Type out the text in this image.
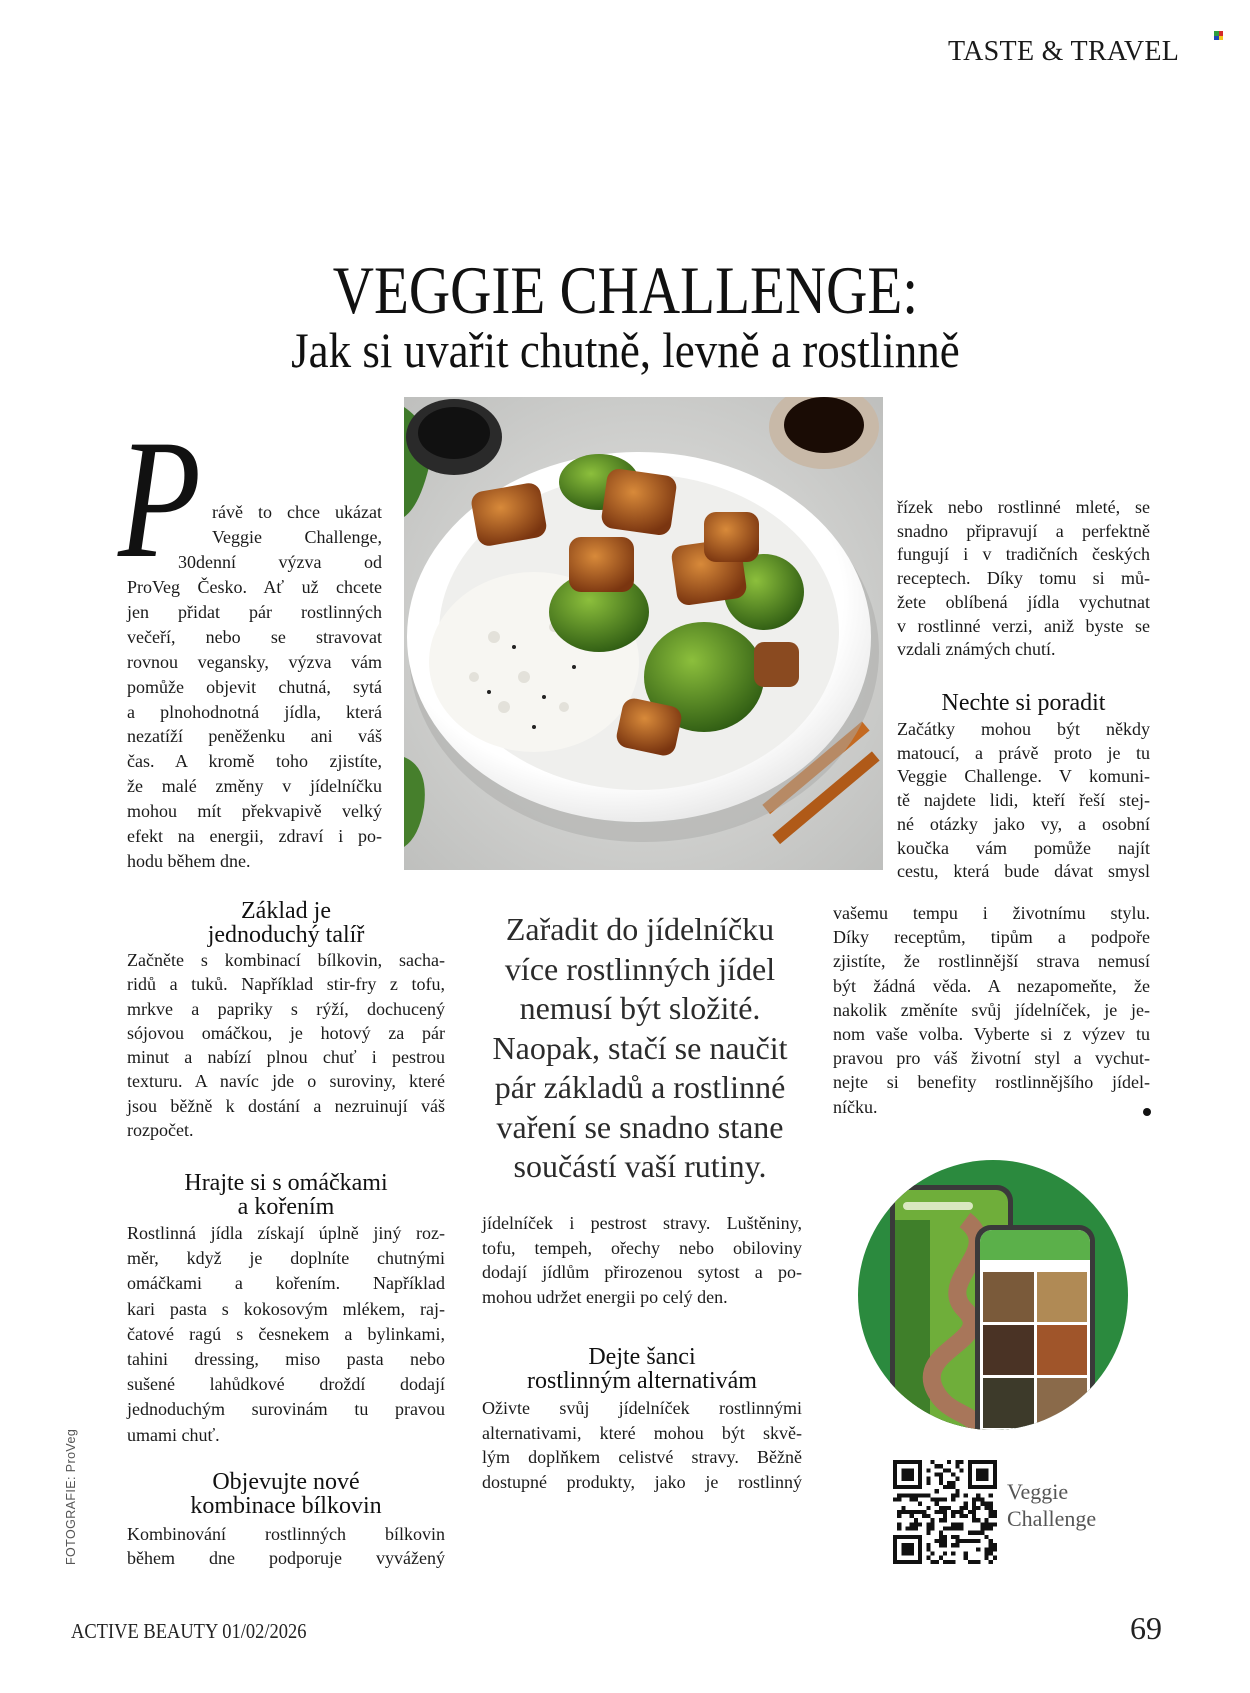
TASTE & TRAVEL
VEGGIE CHALLENGE:
Jak si uvařit chutně, levně a rostlinně
P rávě to chce ukázat
Veggie Challenge,
30denní výzva od
ProVeg Česko. Ať už chcete
jen přidat pár rostlinných
večeří, nebo se stravovat
rovnou vegansky, výzva vám
pomůže objevit chutná, sytá
a plnohodnotná jídla, která
nezatíží peněženku ani váš
čas. A kromě toho zjistíte,
že malé změny v jídelníčku
mohou mít překvapivě velký
efekt na energii, zdraví i po-
hodu během dne.
Základ je
jednoduchý talíř
Začněte s kombinací bílkovin, sacha-
ridů a tuků. Například stir-fry z tofu,
mrkve a papriky s rýží, dochucený
sójovou omáčkou, je hotový za pár
minut a nabízí plnou chuť i pestrou
texturu. A navíc jde o suroviny, které
jsou běžně k dostání a nezruinují váš
rozpočet.
Hrajte si s omáčkami
a kořením
Rostlinná jídla získají úplně jiný roz-
měr, když je doplníte chutnými
omáčkami a kořením. Například
kari pasta s kokosovým mlékem, raj-
čatové ragú s česnekem a bylinkami,
tahini dressing, miso pasta nebo
sušené lahůdkové droždí dodají
jednoduchým surovinám tu pravou
umami chuť.
Objevujte nové
kombinace bílkovin
Kombinování rostlinných bílkovin
během dne podporuje vyvážený
Zařadit do jídelníčku
více rostlinných jídel
nemusí být složité.
Naopak, stačí se naučit
pár základů a rostlinné
vaření se snadno stane
součástí vaší rutiny.
jídelníček i pestrost stravy. Luštěniny,
tofu, tempeh, ořechy nebo obiloviny
dodají jídlům přirozenou sytost a po-
mohou udržet energii po celý den.
Dejte šanci
rostlinným alternativám
Oživte svůj jídelníček rostlinnými
alternativami, které mohou být skvě-
lým doplňkem celistvé stravy. Běžně
dostupné produkty, jako je rostlinný
řízek nebo rostlinné mleté, se
snadno připravují a perfektně
fungují i v tradičních českých
receptech. Díky tomu si mů-
žete oblíbená jídla vychutnat
v rostlinné verzi, aniž byste se
vzdali známých chutí.
Nechte si poradit
Začátky mohou být někdy
matoucí, a právě proto je tu
Veggie Challenge. V komuni-
tě najdete lidi, kteří řeší stej-
né otázky jako vy, a osobní
koučka vám pomůže najít
cestu, která bude dávat smysl
vašemu tempu i životnímu stylu.
Díky receptům, tipům a podpoře
zjistíte, že rostlinnější strava nemusí
být žádná věda. A nezapomeňte, že
nakolik změníte svůj jídelníček, je je-
nom vaše volba. Vyberte si z výzev tu
pravou pro váš životní styl a vychut-
nejte si benefity rostlinnějšího jídel-
níčku.
Veggie
Challenge
FOTOGRAFIE: ProVeg
ACTIVE BEAUTY 01/02/2026	69
